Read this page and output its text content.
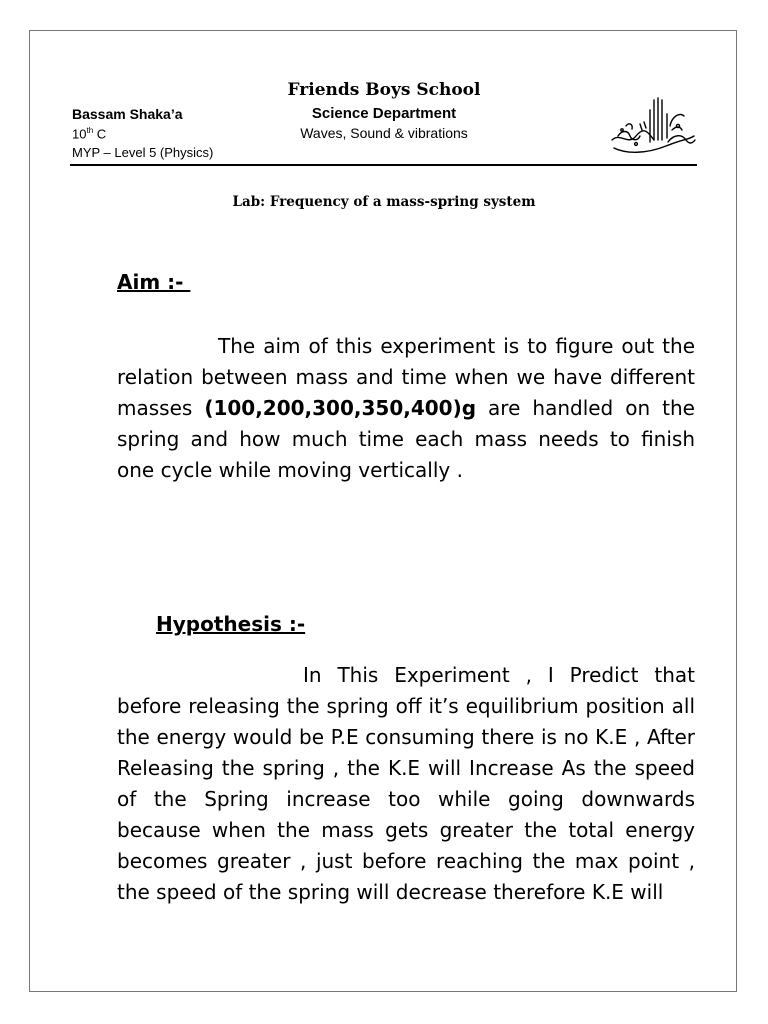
Friends Boys School
Science Department
Waves, Sound & vibrations
Bassam Shaka’a
10th C
MYP – Level 5 (Physics)
Lab: Frequency of a mass-spring system
Aim :-

The aim of this experiment is to figure out the relation between mass and time when we have different masses (100,200,300,350,400)g are handled on the spring and how much time each mass needs to finish one cycle while moving vertically .

Hypothesis :-

In This Experiment , I Predict that before releasing the spring off it’s equilibrium position all the energy would be P.E consuming there is no K.E , After Releasing the spring , the K.E will Increase As the speed of the Spring increase too while going downwards because when the mass gets greater the total energy becomes greater , just before reaching the max point , the speed of the spring will decrease therefore K.E will
